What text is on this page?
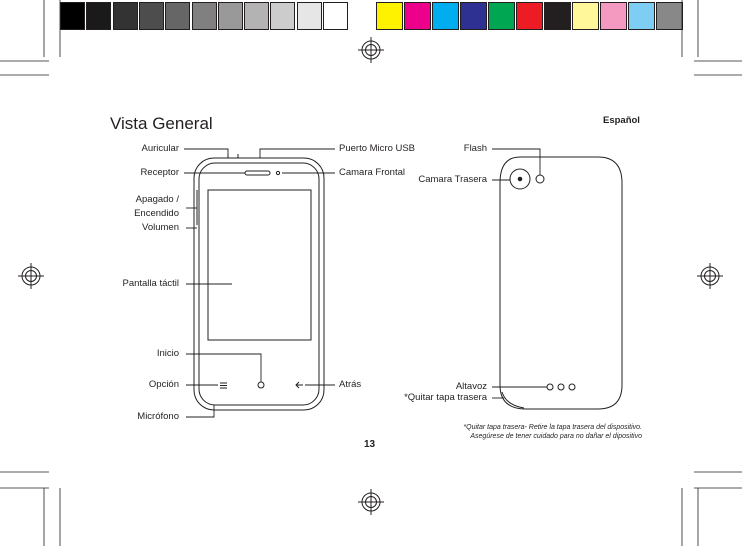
Vista General	Español
Auricular
Receptor
Apagado /
Encendido
Volumen
Pantalla táctil
Inicio
Opción
Micrófono
Puerto Micro USB
Camara Frontal
Atrás
Flash
Camara Trasera
Altavoz
*Quitar tapa trasera
*Quitar tapa trasera- Retire la tapa trasera del dispositivo.
Asegúrese de tener cuidado para no dañar el dipositivo
13
